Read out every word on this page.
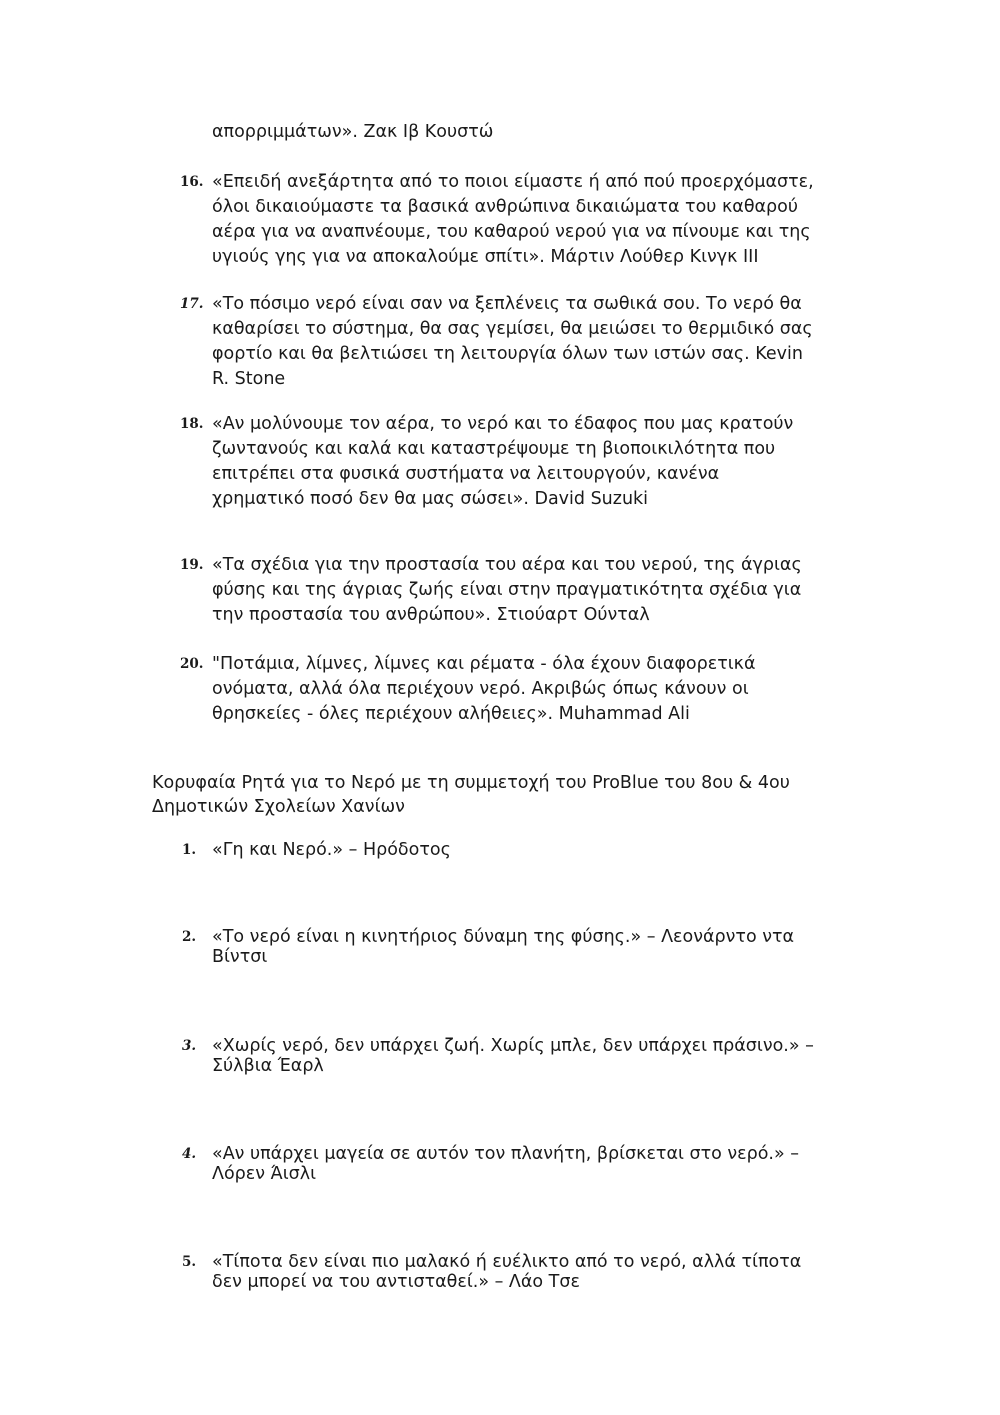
απορριμμάτων». Ζακ Ιβ Κουστώ
16. «Επειδή ανεξάρτητα από το ποιοι είμαστε ή από πού προερχόμαστε,
όλοι δικαιούμαστε τα βασικά ανθρώπινα δικαιώματα του καθαρού
αέρα για να αναπνέουμε, του καθαρού νερού για να πίνουμε και της
υγιούς γης για να αποκαλούμε σπίτι». Μάρτιν Λούθερ Κινγκ ΙΙΙ
17. «Το πόσιμο νερό είναι σαν να ξεπλένεις τα σωθικά σου. Το νερό θα
καθαρίσει το σύστημα, θα σας γεμίσει, θα μειώσει το θερμιδικό σας
φορτίο και θα βελτιώσει τη λειτουργία όλων των ιστών σας. Kevin
R. Stone
18. «Αν μολύνουμε τον αέρα, το νερό και το έδαφος που μας κρατούν
ζωντανούς και καλά και καταστρέψουμε τη βιοποικιλότητα που
επιτρέπει στα φυσικά συστήματα να λειτουργούν, κανένα
χρηματικό ποσό δεν θα μας σώσει». David Suzuki
19. «Τα σχέδια για την προστασία του αέρα και του νερού, της άγριας
φύσης και της άγριας ζωής είναι στην πραγματικότητα σχέδια για
την προστασία του ανθρώπου». Στιούαρτ Ούνταλ
20. "Ποτάμια, λίμνες, λίμνες και ρέματα - όλα έχουν διαφορετικά
ονόματα, αλλά όλα περιέχουν νερό. Ακριβώς όπως κάνουν οι
θρησκείες - όλες περιέχουν αλήθειες». Muhammad Ali
Κορυφαία Ρητά για το Νερό με τη συμμετοχή του ProBlue του 8ου & 4ου
Δημοτικών Σχολείων Χανίων
1. «Γη και Νερό.» – Ηρόδοτος
2. «Το νερό είναι η κινητήριος δύναμη της φύσης.» – Λεονάρντο ντα
Βίντσι
3. «Χωρίς νερό, δεν υπάρχει ζωή. Χωρίς μπλε, δεν υπάρχει πράσινο.» –
Σύλβια Έαρλ
4. «Αν υπάρχει μαγεία σε αυτόν τον πλανήτη, βρίσκεται στο νερό.» –
Λόρεν Άισλι
5. «Τίποτα δεν είναι πιο μαλακό ή ευέλικτο από το νερό, αλλά τίποτα
δεν μπορεί να του αντισταθεί.» – Λάο Τσε
